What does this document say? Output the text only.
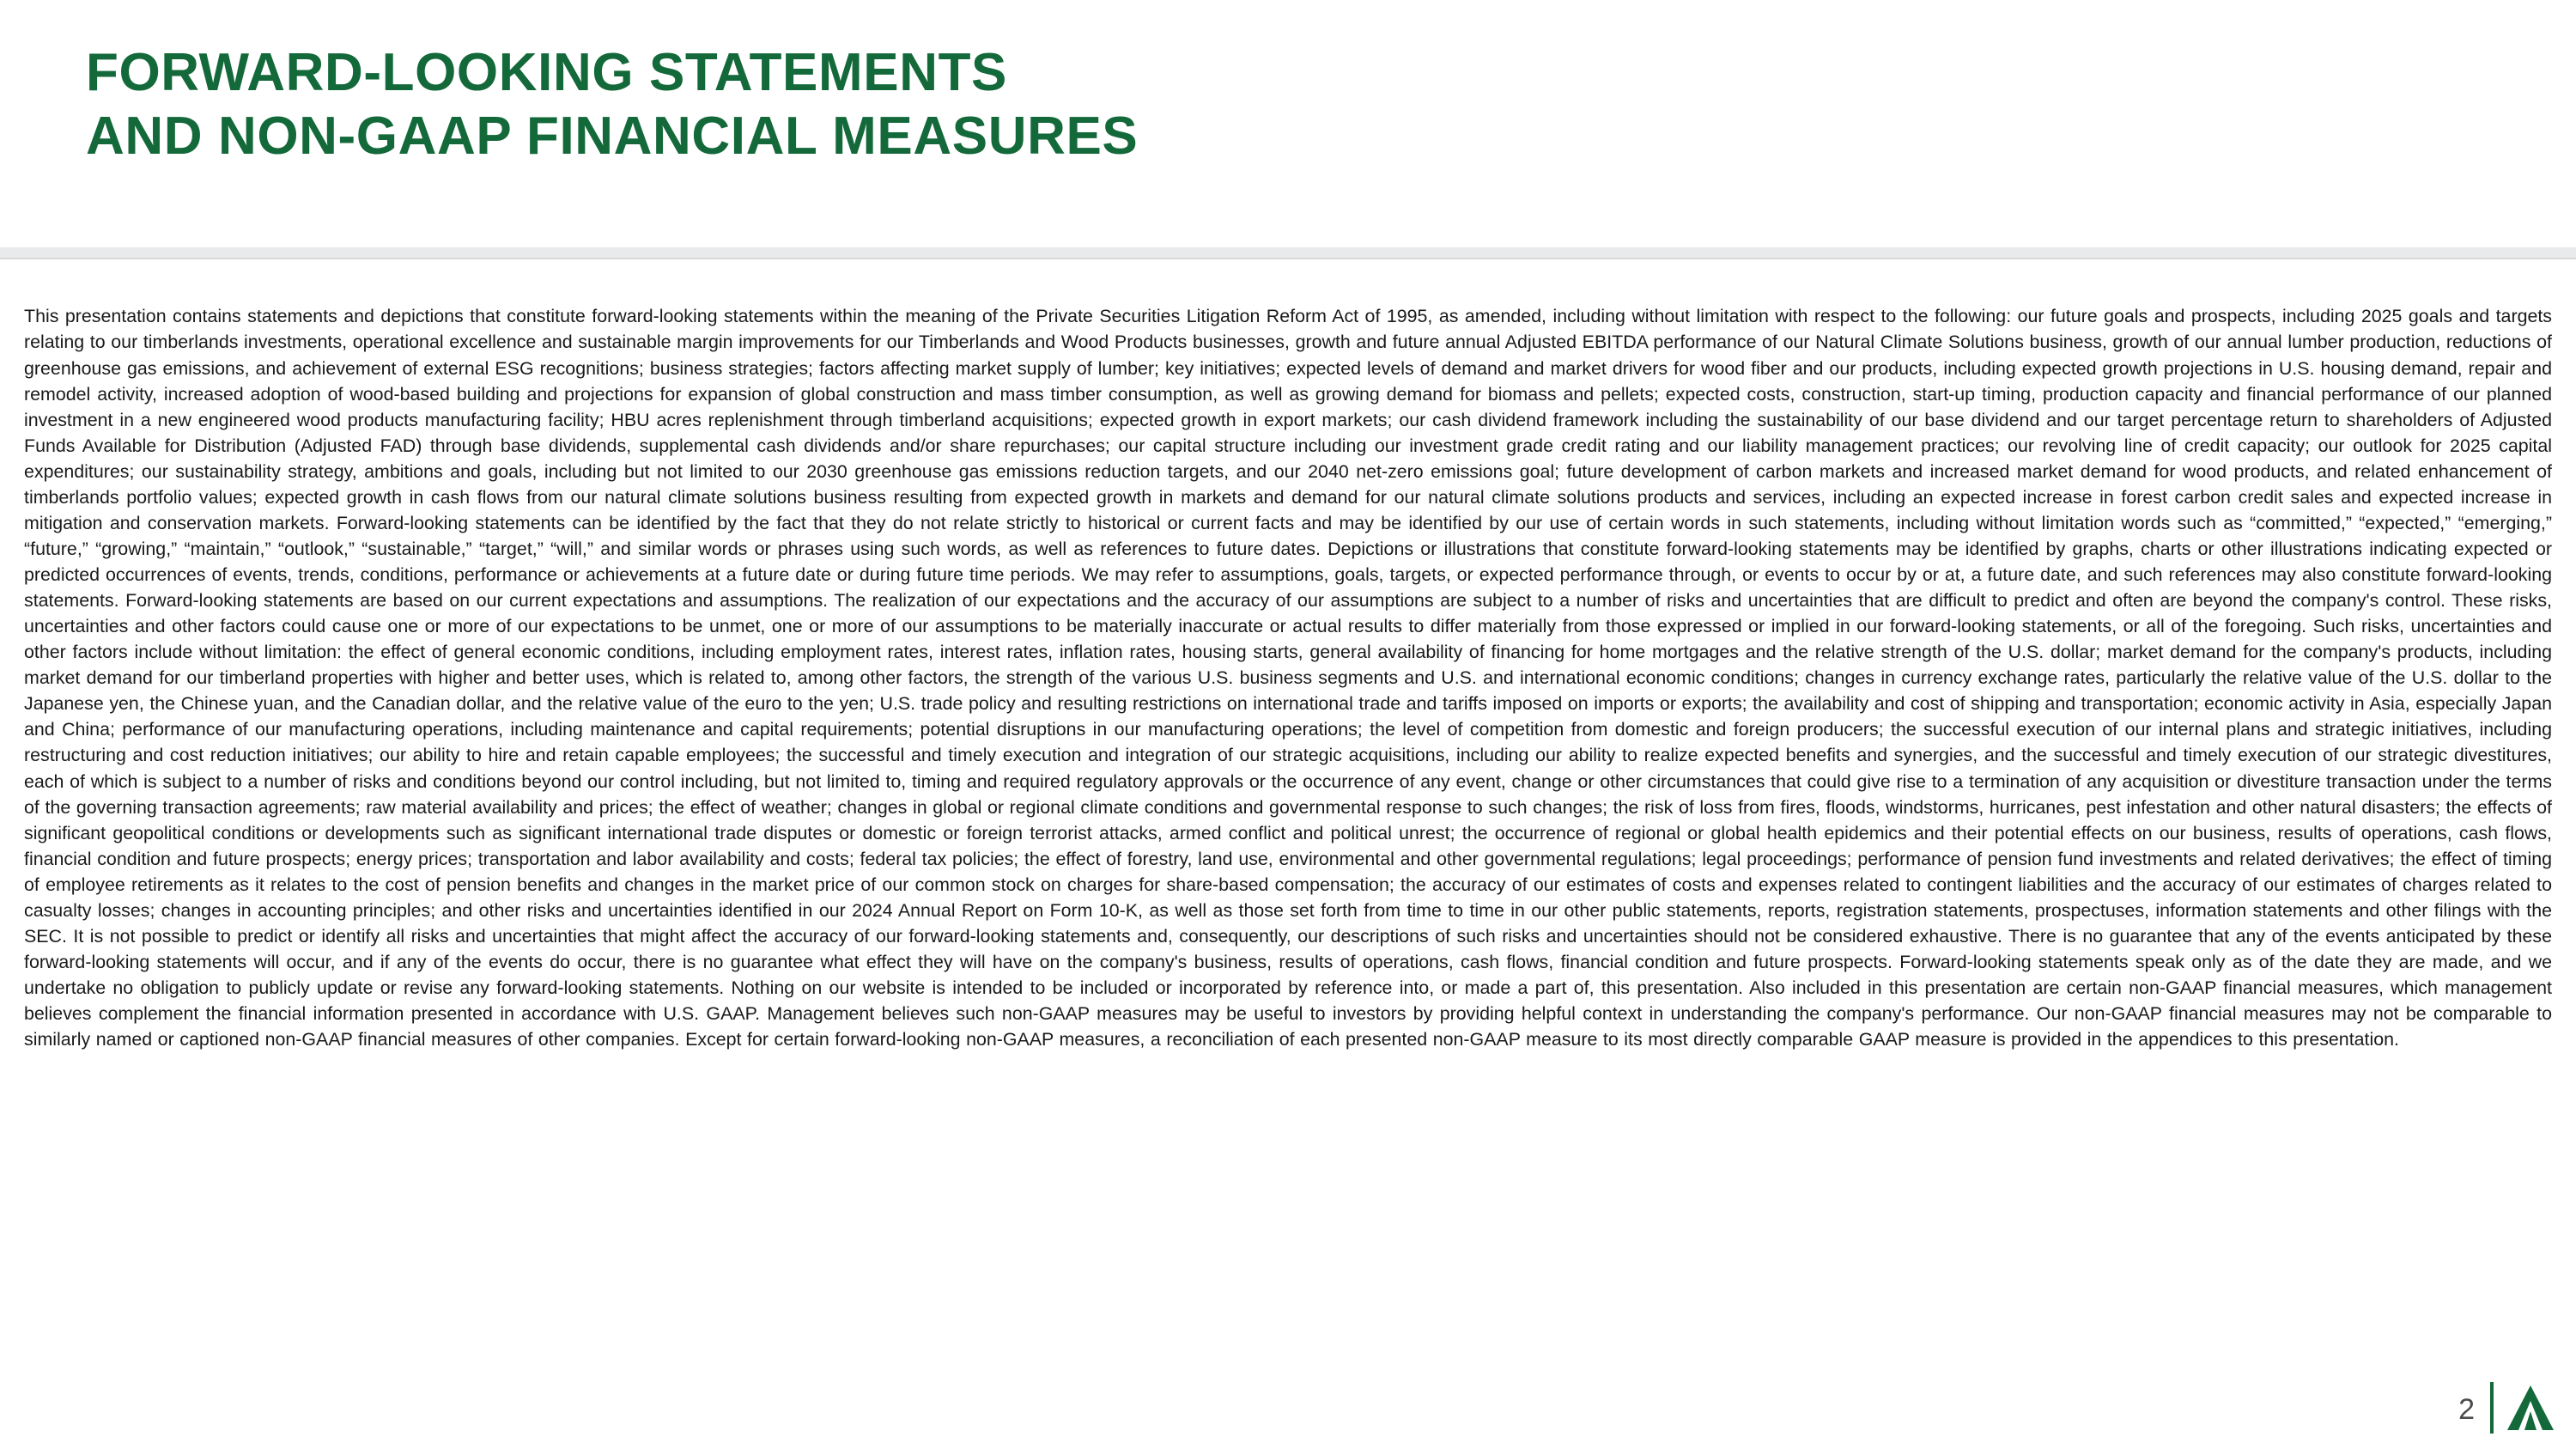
FORWARD-LOOKING STATEMENTS
AND NON-GAAP FINANCIAL MEASURES

This presentation contains statements and depictions that constitute forward-looking statements within the meaning of the Private Securities Litigation Reform Act of 1995, as amended, including without limitation with respect to the following: our future goals and prospects, including 2025 goals and targets relating to our timberlands investments, operational excellence and sustainable margin improvements for our Timberlands and Wood Products businesses, growth and future annual Adjusted EBITDA performance of our Natural Climate Solutions business, growth of our annual lumber production, reductions of greenhouse gas emissions, and achievement of external ESG recognitions; business strategies; factors affecting market supply of lumber; key initiatives; expected levels of demand and market drivers for wood fiber and our products, including expected growth projections in U.S. housing demand, repair and remodel activity, increased adoption of wood-based building and projections for expansion of global construction and mass timber consumption, as well as growing demand for biomass and pellets; expected costs, construction, start-up timing, production capacity and financial performance of our planned investment in a new engineered wood products manufacturing facility; HBU acres replenishment through timberland acquisitions; expected growth in export markets; our cash dividend framework including the sustainability of our base dividend and our target percentage return to shareholders of Adjusted Funds Available for Distribution (Adjusted FAD) through base dividends, supplemental cash dividends and/or share repurchases; our capital structure including our investment grade credit rating and our liability management practices; our revolving line of credit capacity; our outlook for 2025 capital expenditures; our sustainability strategy, ambitions and goals, including but not limited to our 2030 greenhouse gas emissions reduction targets, and our 2040 net-zero emissions goal; future development of carbon markets and increased market demand for wood products, and related enhancement of timberlands portfolio values; expected growth in cash flows from our natural climate solutions business resulting from expected growth in markets and demand for our natural climate solutions products and services, including an expected increase in forest carbon credit sales and expected increase in mitigation and conservation markets. Forward-looking statements can be identified by the fact that they do not relate strictly to historical or current facts and may be identified by our use of certain words in such statements, including without limitation words such as “committed,” “expected,” “emerging,” “future,” “growing,” “maintain,” “outlook,” “sustainable,” “target,” “will,” and similar words or phrases using such words, as well as references to future dates. Depictions or illustrations that constitute forward-looking statements may be identified by graphs, charts or other illustrations indicating expected or predicted occurrences of events, trends, conditions, performance or achievements at a future date or during future time periods. We may refer to assumptions, goals, targets, or expected performance through, or events to occur by or at, a future date, and such references may also constitute forward-looking statements. Forward-looking statements are based on our current expectations and assumptions. The realization of our expectations and the accuracy of our assumptions are subject to a number of risks and uncertainties that are difficult to predict and often are beyond the company's control. These risks, uncertainties and other factors could cause one or more of our expectations to be unmet, one or more of our assumptions to be materially inaccurate or actual results to differ materially from those expressed or implied in our forward-looking statements, or all of the foregoing. Such risks, uncertainties and other factors include without limitation: the effect of general economic conditions, including employment rates, interest rates, inflation rates, housing starts, general availability of financing for home mortgages and the relative strength of the U.S. dollar; market demand for the company's products, including market demand for our timberland properties with higher and better uses, which is related to, among other factors, the strength of the various U.S. business segments and U.S. and international economic conditions; changes in currency exchange rates, particularly the relative value of the U.S. dollar to the Japanese yen, the Chinese yuan, and the Canadian dollar, and the relative value of the euro to the yen; U.S. trade policy and resulting restrictions on international trade and tariffs imposed on imports or exports; the availability and cost of shipping and transportation; economic activity in Asia, especially Japan and China; performance of our manufacturing operations, including maintenance and capital requirements; potential disruptions in our manufacturing operations; the level of competition from domestic and foreign producers; the successful execution of our internal plans and strategic initiatives, including restructuring and cost reduction initiatives; our ability to hire and retain capable employees; the successful and timely execution and integration of our strategic acquisitions, including our ability to realize expected benefits and synergies, and the successful and timely execution of our strategic divestitures, each of which is subject to a number of risks and conditions beyond our control including, but not limited to, timing and required regulatory approvals or the occurrence of any event, change or other circumstances that could give rise to a termination of any acquisition or divestiture transaction under the terms of the governing transaction agreements; raw material availability and prices; the effect of weather; changes in global or regional climate conditions and governmental response to such changes; the risk of loss from fires, floods, windstorms, hurricanes, pest infestation and other natural disasters; the effects of significant geopolitical conditions or developments such as significant international trade disputes or domestic or foreign terrorist attacks, armed conflict and political unrest; the occurrence of regional or global health epidemics and their potential effects on our business, results of operations, cash flows, financial condition and future prospects; energy prices; transportation and labor availability and costs; federal tax policies; the effect of forestry, land use, environmental and other governmental regulations; legal proceedings; performance of pension fund investments and related derivatives; the effect of timing of employee retirements as it relates to the cost of pension benefits and changes in the market price of our common stock on charges for share-based compensation; the accuracy of our estimates of costs and expenses related to contingent liabilities and the accuracy of our estimates of charges related to casualty losses; changes in accounting principles; and other risks and uncertainties identified in our 2024 Annual Report on Form 10-K, as well as those set forth from time to time in our other public statements, reports, registration statements, prospectuses, information statements and other filings with the SEC. It is not possible to predict or identify all risks and uncertainties that might affect the accuracy of our forward-looking statements and, consequently, our descriptions of such risks and uncertainties should not be considered exhaustive. There is no guarantee that any of the events anticipated by these forward-looking statements will occur, and if any of the events do occur, there is no guarantee what effect they will have on the company's business, results of operations, cash flows, financial condition and future prospects. Forward-looking statements speak only as of the date they are made, and we undertake no obligation to publicly update or revise any forward-looking statements. Nothing on our website is intended to be included or incorporated by reference into, or made a part of, this presentation. Also included in this presentation are certain non-GAAP financial measures, which management believes complement the financial information presented in accordance with U.S. GAAP. Management believes such non-GAAP measures may be useful to investors by providing helpful context in understanding the company's performance. Our non-GAAP financial measures may not be comparable to similarly named or captioned non-GAAP financial measures of other companies. Except for certain forward-looking non-GAAP measures, a reconciliation of each presented non-GAAP measure to its most directly comparable GAAP measure is provided in the appendices to this presentation.

2
